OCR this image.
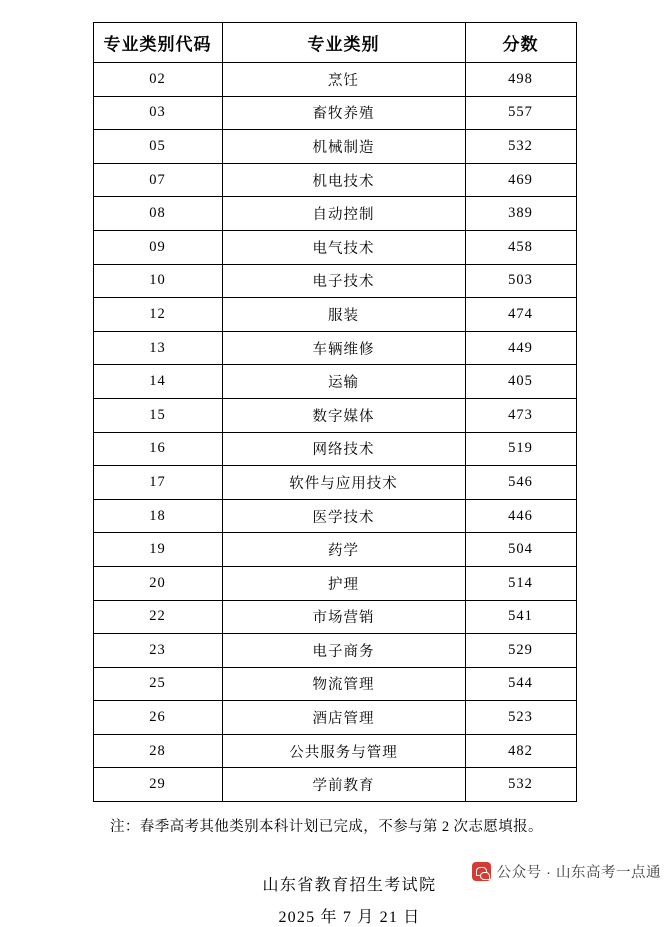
专业类别代码	专业类别	分数
02	烹饪	498
03	畜牧养殖	557
05	机械制造	532
07	机电技术	469
08	自动控制	389
09	电气技术	458
10	电子技术	503
12	服装	474
13	车辆维修	449
14	运输	405
15	数字媒体	473
16	网络技术	519
17	软件与应用技术	546
18	医学技术	446
19	药学	504
20	护理	514
22	市场营销	541
23	电子商务	529
25	物流管理	544
26	酒店管理	523
28	公共服务与管理	482
29	学前教育	532
注：春季高考其他类别本科计划已完成，不参与第 2 次志愿填报。
山东省教育招生考试院
2025 年 7 月 21 日
公众号 · 山东高考一点通
